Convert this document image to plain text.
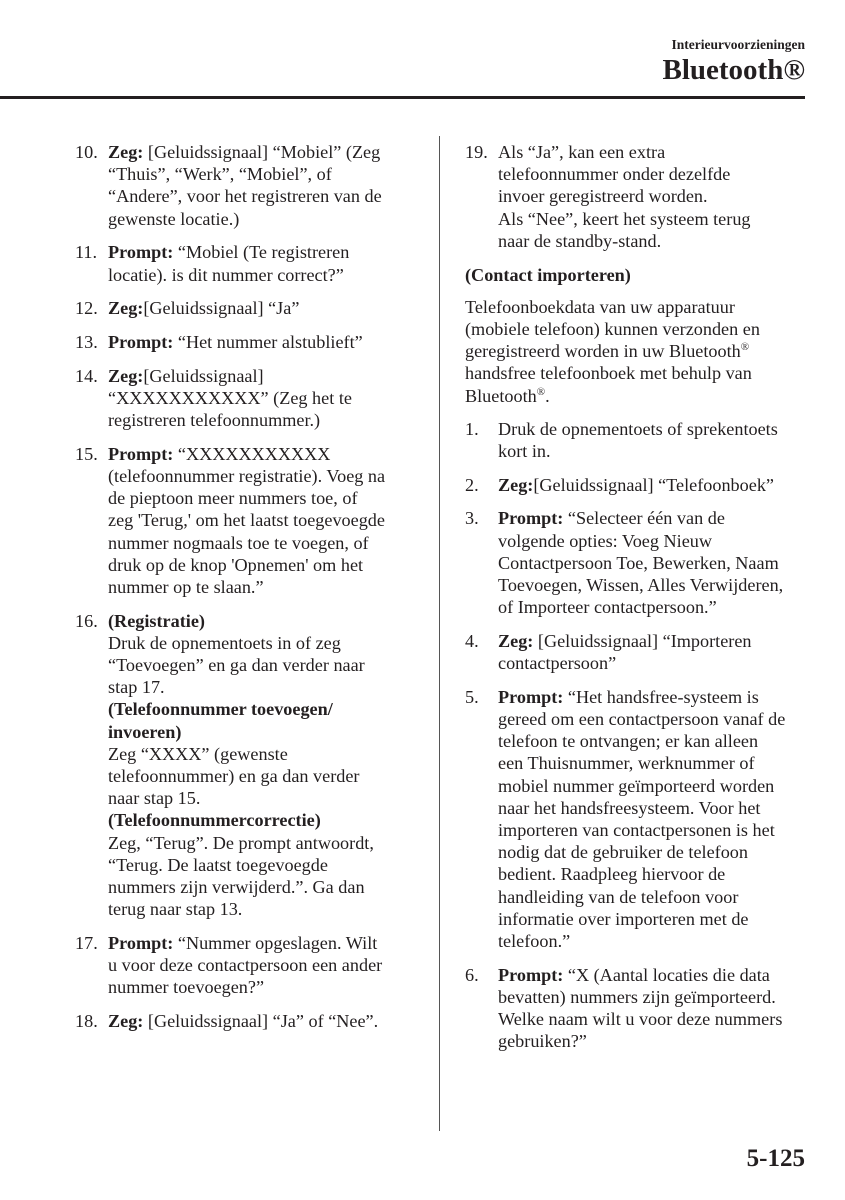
Interieurvoorzieningen
Bluetooth®
10. Zeg: [Geluidssignaal] “Mobiel” (Zeg
“Thuis”, “Werk”, “Mobiel”, of
“Andere”, voor het registreren van de
gewenste locatie.)
11. Prompt: “Mobiel (Te registreren
locatie). is dit nummer correct?”
12. Zeg:[Geluidssignaal] “Ja”
13. Prompt: “Het nummer alstublieft”
14. Zeg:[Geluidssignaal]
“XXXXXXXXXXX” (Zeg het te
registreren telefoonnummer.)
15. Prompt: “XXXXXXXXXXX
(telefoonnummer registratie). Voeg na
de pieptoon meer nummers toe, of
zeg 'Terug,' om het laatst toegevoegde
nummer nogmaals toe te voegen, of
druk op de knop 'Opnemen' om het
nummer op te slaan.”
16. (Registratie)
Druk de opnementoets in of zeg
“Toevoegen” en ga dan verder naar
stap 17.
(Telefoonnummer toevoegen/
invoeren)
Zeg “XXXX” (gewenste
telefoonnummer) en ga dan verder
naar stap 15.
(Telefoonnummercorrectie)
Zeg, “Terug”. De prompt antwoordt,
“Terug. De laatst toegevoegde
nummers zijn verwijderd.”. Ga dan
terug naar stap 13.
17. Prompt: “Nummer opgeslagen. Wilt
u voor deze contactpersoon een ander
nummer toevoegen?”
18. Zeg: [Geluidssignaal] “Ja” of “Nee”.
19. Als “Ja”, kan een extra
telefoonnummer onder dezelfde
invoer geregistreerd worden.
Als “Nee”, keert het systeem terug
naar de standby-stand.
(Contact importeren)
Telefoonboekdata van uw apparatuur
(mobiele telefoon) kunnen verzonden en
geregistreerd worden in uw Bluetooth®
handsfree telefoonboek met behulp van
Bluetooth®.
1. Druk de opnementoets of sprekentoets
kort in.
2. Zeg:[Geluidssignaal] “Telefoonboek”
3. Prompt: “Selecteer één van de
volgende opties: Voeg Nieuw
Contactpersoon Toe, Bewerken, Naam
Toevoegen, Wissen, Alles Verwijderen,
of Importeer contactpersoon.”
4. Zeg: [Geluidssignaal] “Importeren
contactpersoon”
5. Prompt: “Het handsfree-systeem is
gereed om een contactpersoon vanaf de
telefoon te ontvangen; er kan alleen
een Thuisnummer, werknummer of
mobiel nummer geïmporteerd worden
naar het handsfreesysteem. Voor het
importeren van contactpersonen is het
nodig dat de gebruiker de telefoon
bedient. Raadpleeg hiervoor de
handleiding van de telefoon voor
informatie over importeren met de
telefoon.”
6. Prompt: “X (Aantal locaties die data
bevatten) nummers zijn geïmporteerd.
Welke naam wilt u voor deze nummers
gebruiken?”
5-125
